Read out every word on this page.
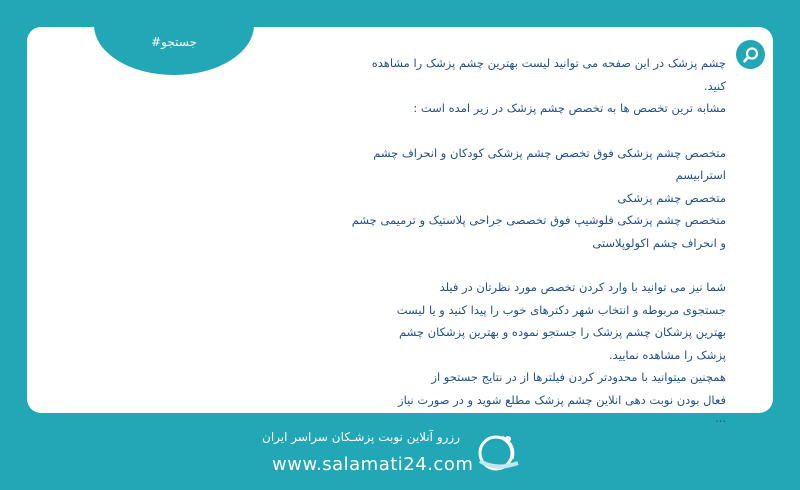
#جستجو

چشم پزشک در این صفحه می توانید لیست بهترین چشم پزشک را مشاهده

کنید.

مشابه ترین تخصص ها به تخصص چشم پزشک در زیر امده است :

متخصص چشم پزشکی فوق تخصص چشم پزشکی کودکان و انحراف چشم

استرابیسم

متخصص چشم پزشکی

متخصص چشم پزشکی فلوشیپ فوق تخصصی جراحی پلاستیک و ترمیمی چشم

و انحراف چشم اکولوپلاستی

شما نیز می توانید با وارد کردن تخصص مورد نظرتان در فیلد

جستجوی مربوطه و انتخاب شهر دکترهای خوب را پیدا کنید و یا لیست

بهترین پزشکان چشم پزشک را جستجو نموده و بهترین پزشکان چشم

پزشک را مشاهده نمایید.

همچنین میتوانید با محدودتر کردن فیلترها از در نتایج جستجو از

فعال بودن نوبت دهی انلاین چشم پزشک مطلع شوید و در صورت نیاز

...

رزرو آنلاین نوبت پزشـکان سراسر ایران
www.salamati24.com
